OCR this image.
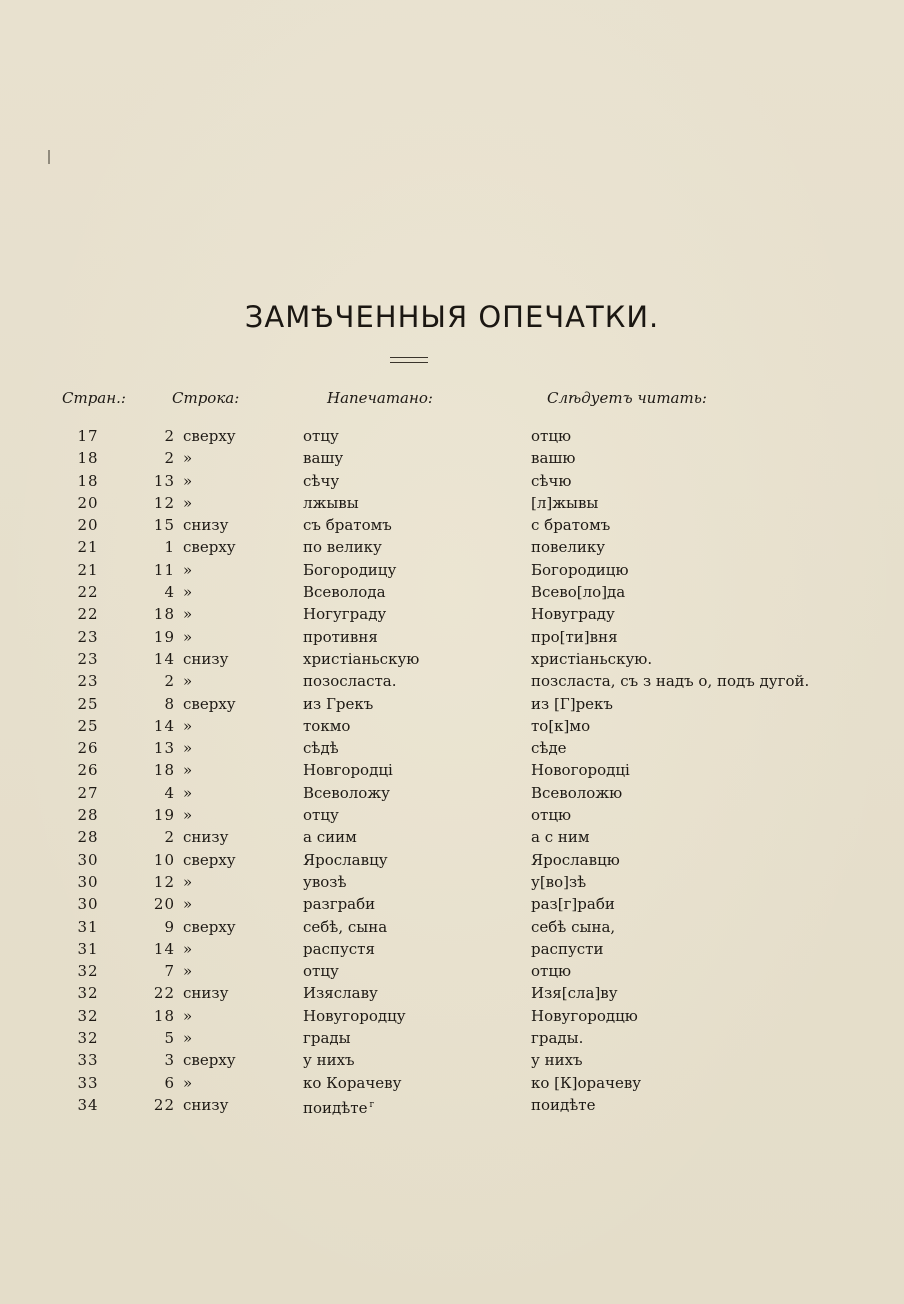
ЗАМѢЧЕННЫЯ ОПЕЧАТКИ.
Стран.:	Строка:	Напечатано:	Слѣдуетъ читать:
17	2 сверху	отцу	отцю
18	2 »	вашу	вашю
18	13 »	сѣчу	сѣчю
20	12 »	лжывы	[л]жывы
20	15 снизу	съ братомъ	с братомъ
21	1 сверху	по велику	повелику
21	11 »	Богородицу	Богородицю
22	4 »	Всеволода	Всево[ло]да
22	18 »	Ногуграду	Новуграду
23	19 »	противня	про[ти]вня
23	14 снизу	христіаньскую	христіаньскую.
23	2 »	позосласта.	позсласта, съ з надъ о, подъ дугой.
25	8 сверху	из Грекъ	из [Г]рекъ
25	14 »	токмо	то[к]мо
26	13 »	сѣдѣ	сѣде
26	18 »	Новгородці	Новогородці
27	4 »	Всеволожу	Всеволожю
28	19 »	отцу	отцю
28	2 снизу	а сиим	а с ним
30	10 сверху	Ярославцу	Ярославцю
30	12 »	увозѣ	у[во]зѣ
30	20 »	разграби	раз[г]раби
31	9 сверху	себѣ, сына	себѣ сына,
31	14 »	распустя	распусти
32	7 »	отцу	отцю
32	22 снизу	Изяславу	Изя[сла]ву
32	18 »	Новугородцу	Новугородцю
32	5 »	грады	грады.
33	3 сверху	у нихъ	у нихъ
33	6 »	ко Корачеву	ко [К]орачеву
34	22 снизу	поидѣте $^г$	поидѣте
